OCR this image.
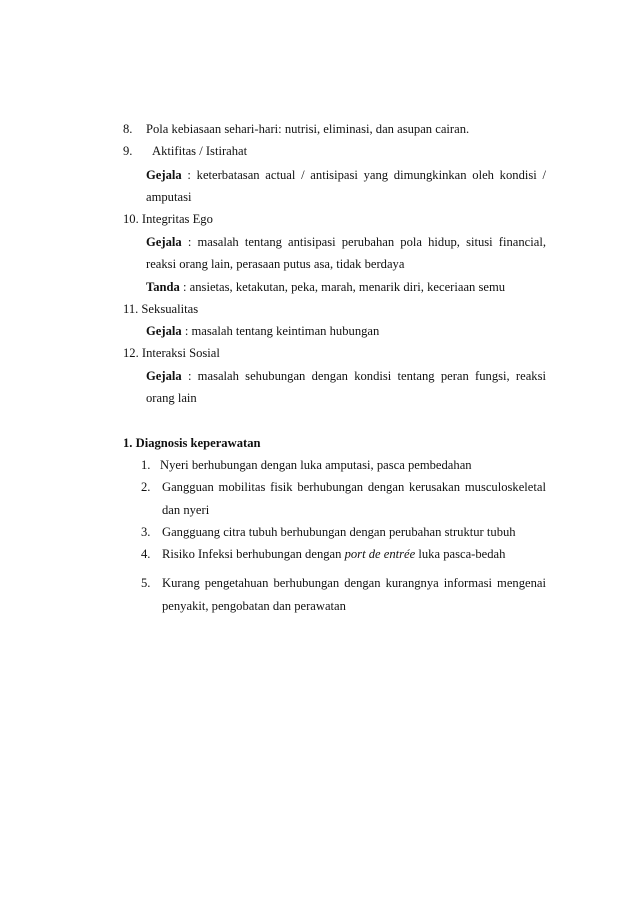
8. Pola kebiasaan sehari-hari: nutrisi, eliminasi, dan asupan cairan.
9. Aktifitas / Istirahat
Gejala : keterbatasan actual / antisipasi yang dimungkinkan oleh kondisi /
amputasi
10. Integritas Ego
Gejala : masalah tentang antisipasi perubahan pola hidup, situsi financial,
reaksi orang lain, perasaan putus asa, tidak berdaya
Tanda : ansietas, ketakutan, peka, marah, menarik diri, keceriaan semu
11. Seksualitas
Gejala : masalah tentang keintiman hubungan
12. Interaksi Sosial
Gejala : masalah sehubungan dengan kondisi tentang peran fungsi, reaksi
orang lain
1. Diagnosis keperawatan
1. Nyeri berhubungan dengan luka amputasi, pasca pembedahan
2. Gangguan mobilitas fisik berhubungan dengan kerusakan musculoskeletal
dan nyeri
3. Gangguang citra tubuh berhubungan dengan perubahan struktur tubuh
4. Risiko Infeksi berhubungan dengan port de entrée luka pasca-bedah
5. Kurang pengetahuan berhubungan dengan kurangnya informasi mengenai
penyakit, pengobatan dan perawatan
